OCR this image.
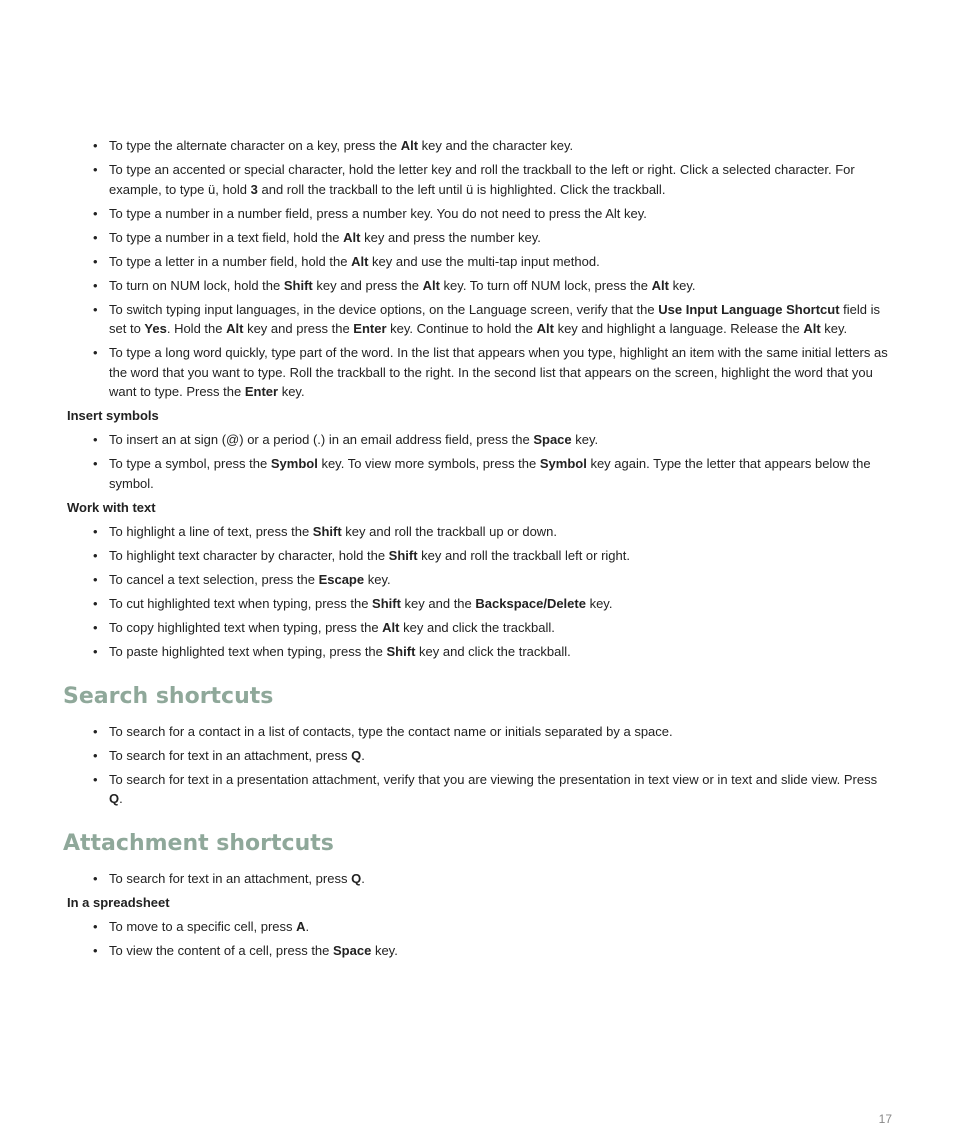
• To type the alternate character on a key, press the Alt key and the character key.
• To type an accented or special character, hold the letter key and roll the trackball to the left or right. Click a selected character. For example, to type ü, hold 3 and roll the trackball to the left until ü is highlighted. Click the trackball.
• To type a number in a number field, press a number key. You do not need to press the Alt key.
• To type a number in a text field, hold the Alt key and press the number key.
• To type a letter in a number field, hold the Alt key and use the multi-tap input method.
• To turn on NUM lock, hold the Shift key and press the Alt key. To turn off NUM lock, press the Alt key.
• To switch typing input languages, in the device options, on the Language screen, verify that the Use Input Language Shortcut field is set to Yes. Hold the Alt key and press the Enter key. Continue to hold the Alt key and highlight a language. Release the Alt key.
• To type a long word quickly, type part of the word. In the list that appears when you type, highlight an item with the same initial letters as the word that you want to type. Roll the trackball to the right. In the second list that appears on the screen, highlight the word that you want to type. Press the Enter key.
Insert symbols
• To insert an at sign (@) or a period (.) in an email address field, press the Space key.
• To type a symbol, press the Symbol key. To view more symbols, press the Symbol key again. Type the letter that appears below the symbol.
Work with text
• To highlight a line of text, press the Shift key and roll the trackball up or down.
• To highlight text character by character, hold the Shift key and roll the trackball left or right.
• To cancel a text selection, press the Escape key.
• To cut highlighted text when typing, press the Shift key and the Backspace/Delete key.
• To copy highlighted text when typing, press the Alt key and click the trackball.
• To paste highlighted text when typing, press the Shift key and click the trackball.
Search shortcuts
• To search for a contact in a list of contacts, type the contact name or initials separated by a space.
• To search for text in an attachment, press Q.
• To search for text in a presentation attachment, verify that you are viewing the presentation in text view or in text and slide view. Press Q.
Attachment shortcuts
• To search for text in an attachment, press Q.
In a spreadsheet
• To move to a specific cell, press A.
• To view the content of a cell, press the Space key.
17
